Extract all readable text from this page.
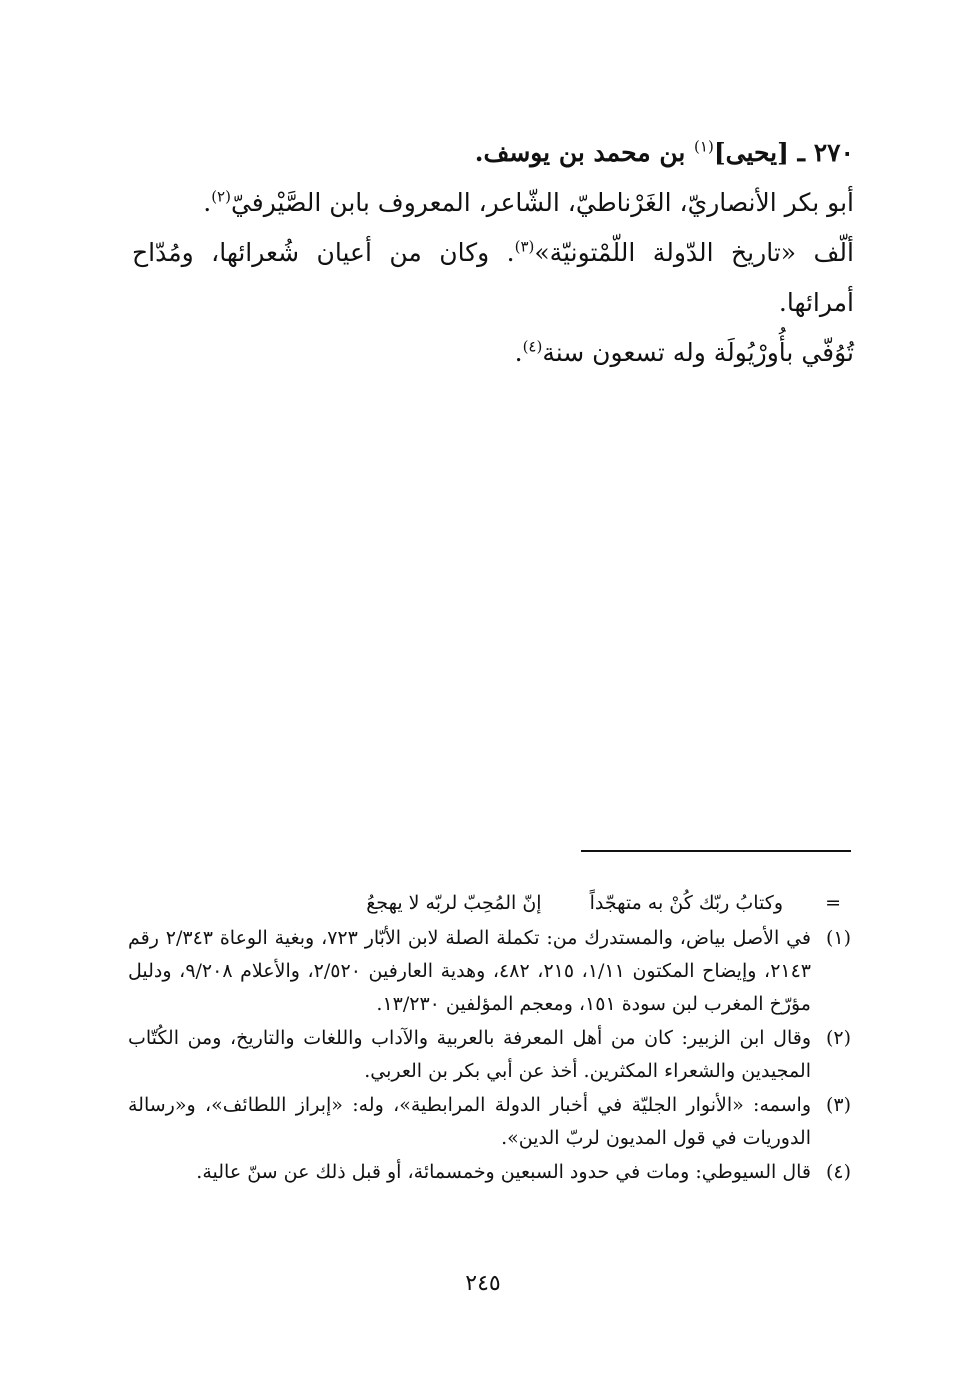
٢٧٠ ـ [يحيى]$^{(١)}$ بن محمد بن يوسف.

أبو بكر الأنصاريّ، الغَرْناطيّ، الشّاعر، المعروف بابن الصَّيْرفيّ$^{(٢)}$.

ألّف «تاريخ الدّولة اللّمْتونيّة»$^{(٣)}$. وكان من أعيان شُعرائها، ومُدّاح أمرائها.

تُوُفّي بأُورْيُولَة وله تسعون سنة$^{(٤)}$.

=
وكتابُ ربّك كُنْ به متهجّداً
إنّ المُحِبّ لربّه لا يهجعُ
(١)
في الأصل بياض، والمستدرك من: تكملة الصلة لابن الأبّار ٧٢٣، وبغية الوعاة ٢/٣٤٣ رقم ٢١٤٣، وإيضاح المكتون ١/١١، ٢١٥، ٤٨٢، وهدية العارفين ٢/٥٢٠، والأعلام ٩/٢٠٨، ودليل مؤرّخ المغرب لبن سودة ١٥١، ومعجم المؤلفين ١٣/٢٣٠.
(٢)
وقال ابن الزبير: كان من أهل المعرفة بالعربية والآداب واللغات والتاريخ، ومن الكُتّاب المجيدين والشعراء المكثرين. أخذ عن أبي بكر بن العربي.
(٣)
واسمه: «الأنوار الجليّة في أخبار الدولة المرابطية»، وله: «إبراز اللطائف»، و«رسالة الدوريات في قول المديون لربّ الدين».
(٤)
قال السيوطي: ومات في حدود السبعين وخمسمائة، أو قبل ذلك عن سنّ عالية.
٢٤٥
